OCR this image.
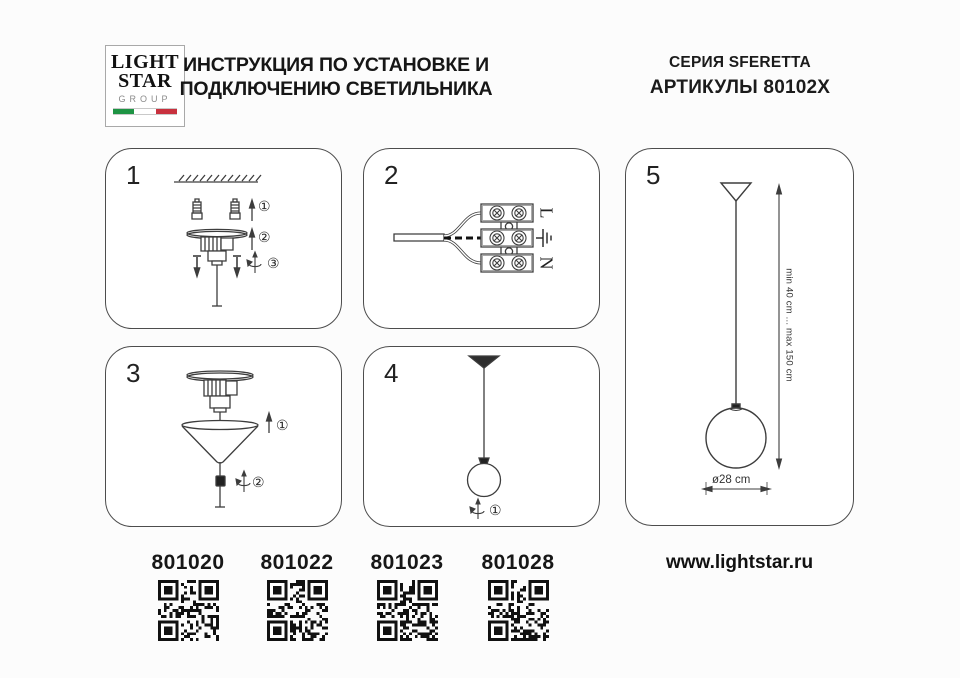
LIGHT
STAR
GROUP
ИНСТРУКЦИЯ ПО УСТАНОВКЕ И
ПОДКЛЮЧЕНИЮ СВЕТИЛЬНИКА
СЕРИЯ SFERETTA
АРТИКУЛЫ 80102X
1
①
②
③
2
L
N
3
①
②
4
①
5
min 40 cm ... max 150 cm
ø28 cm
801020	801022	801023	801028	www.lightstar.ru
